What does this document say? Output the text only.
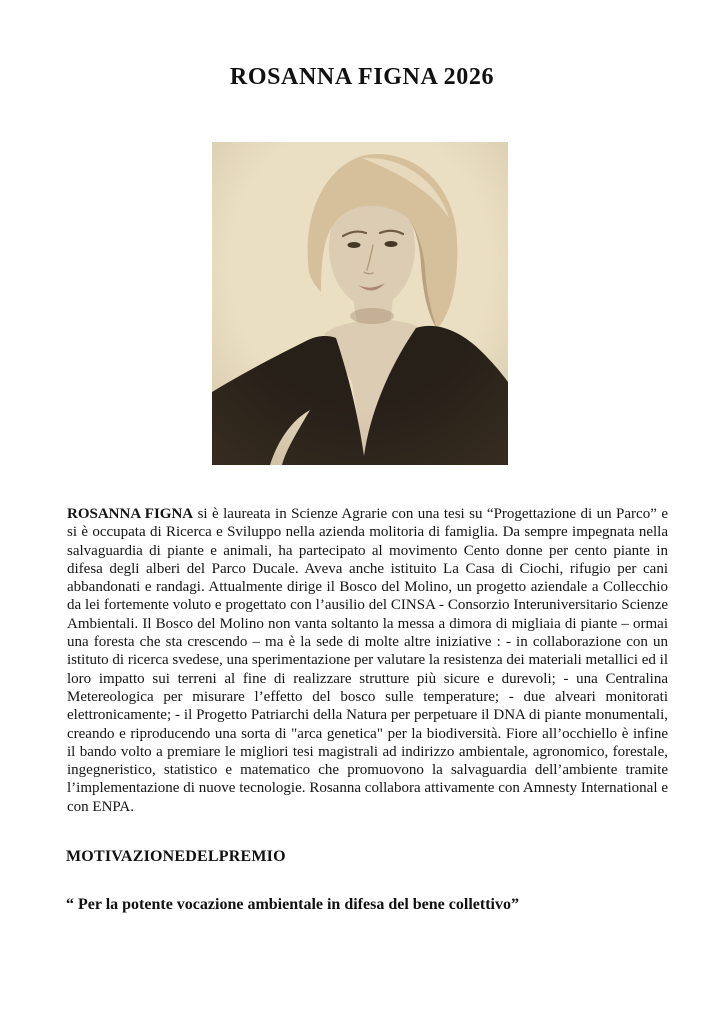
ROSANNA FIGNA 2026

ROSANNA FIGNA si è laureata in Scienze Agrarie con una tesi su “Progettazione di un Parco” e si è occupata di Ricerca e Sviluppo nella azienda molitoria di famiglia. Da sempre impegnata nella salvaguardia di piante e animali, ha partecipato al movimento Cento donne per cento piante in difesa degli alberi del Parco Ducale. Aveva anche istituito La Casa di Ciochi, rifugio per cani abbandonati e randagi. Attualmente dirige il Bosco del Molino, un progetto aziendale a Collecchio da lei fortemente voluto e progettato con l’ausilio del CINSA - Consorzio Interuniversitario Scienze Ambientali. Il Bosco del Molino non vanta soltanto la messa a dimora di migliaia di piante – ormai una foresta che sta crescendo – ma è la sede di molte altre iniziative : - in collaborazione con un istituto di ricerca svedese, una sperimentazione per valutare la resistenza dei materiali metallici ed il loro impatto sui terreni al fine di realizzare strutture più sicure e durevoli; - una Centralina Metereologica per misurare l’effetto del bosco sulle temperature; - due alveari monitorati elettronicamente; - il Progetto Patriarchi della Natura per perpetuare il DNA di piante monumentali, creando e riproducendo una sorta di "arca genetica" per la biodiversità. Fiore all’occhiello è infine il bando volto a premiare le migliori tesi magistrali ad indirizzo ambientale, agronomico, forestale, ingegneristico, statistico e matematico che promuovono la salvaguardia dell’ambiente tramite l’implementazione di nuove tecnologie. Rosanna collabora attivamente con Amnesty International e con ENPA.

MOTIVAZIONEDELPREMIO

“ Per la potente vocazione ambientale in difesa del bene collettivo”
